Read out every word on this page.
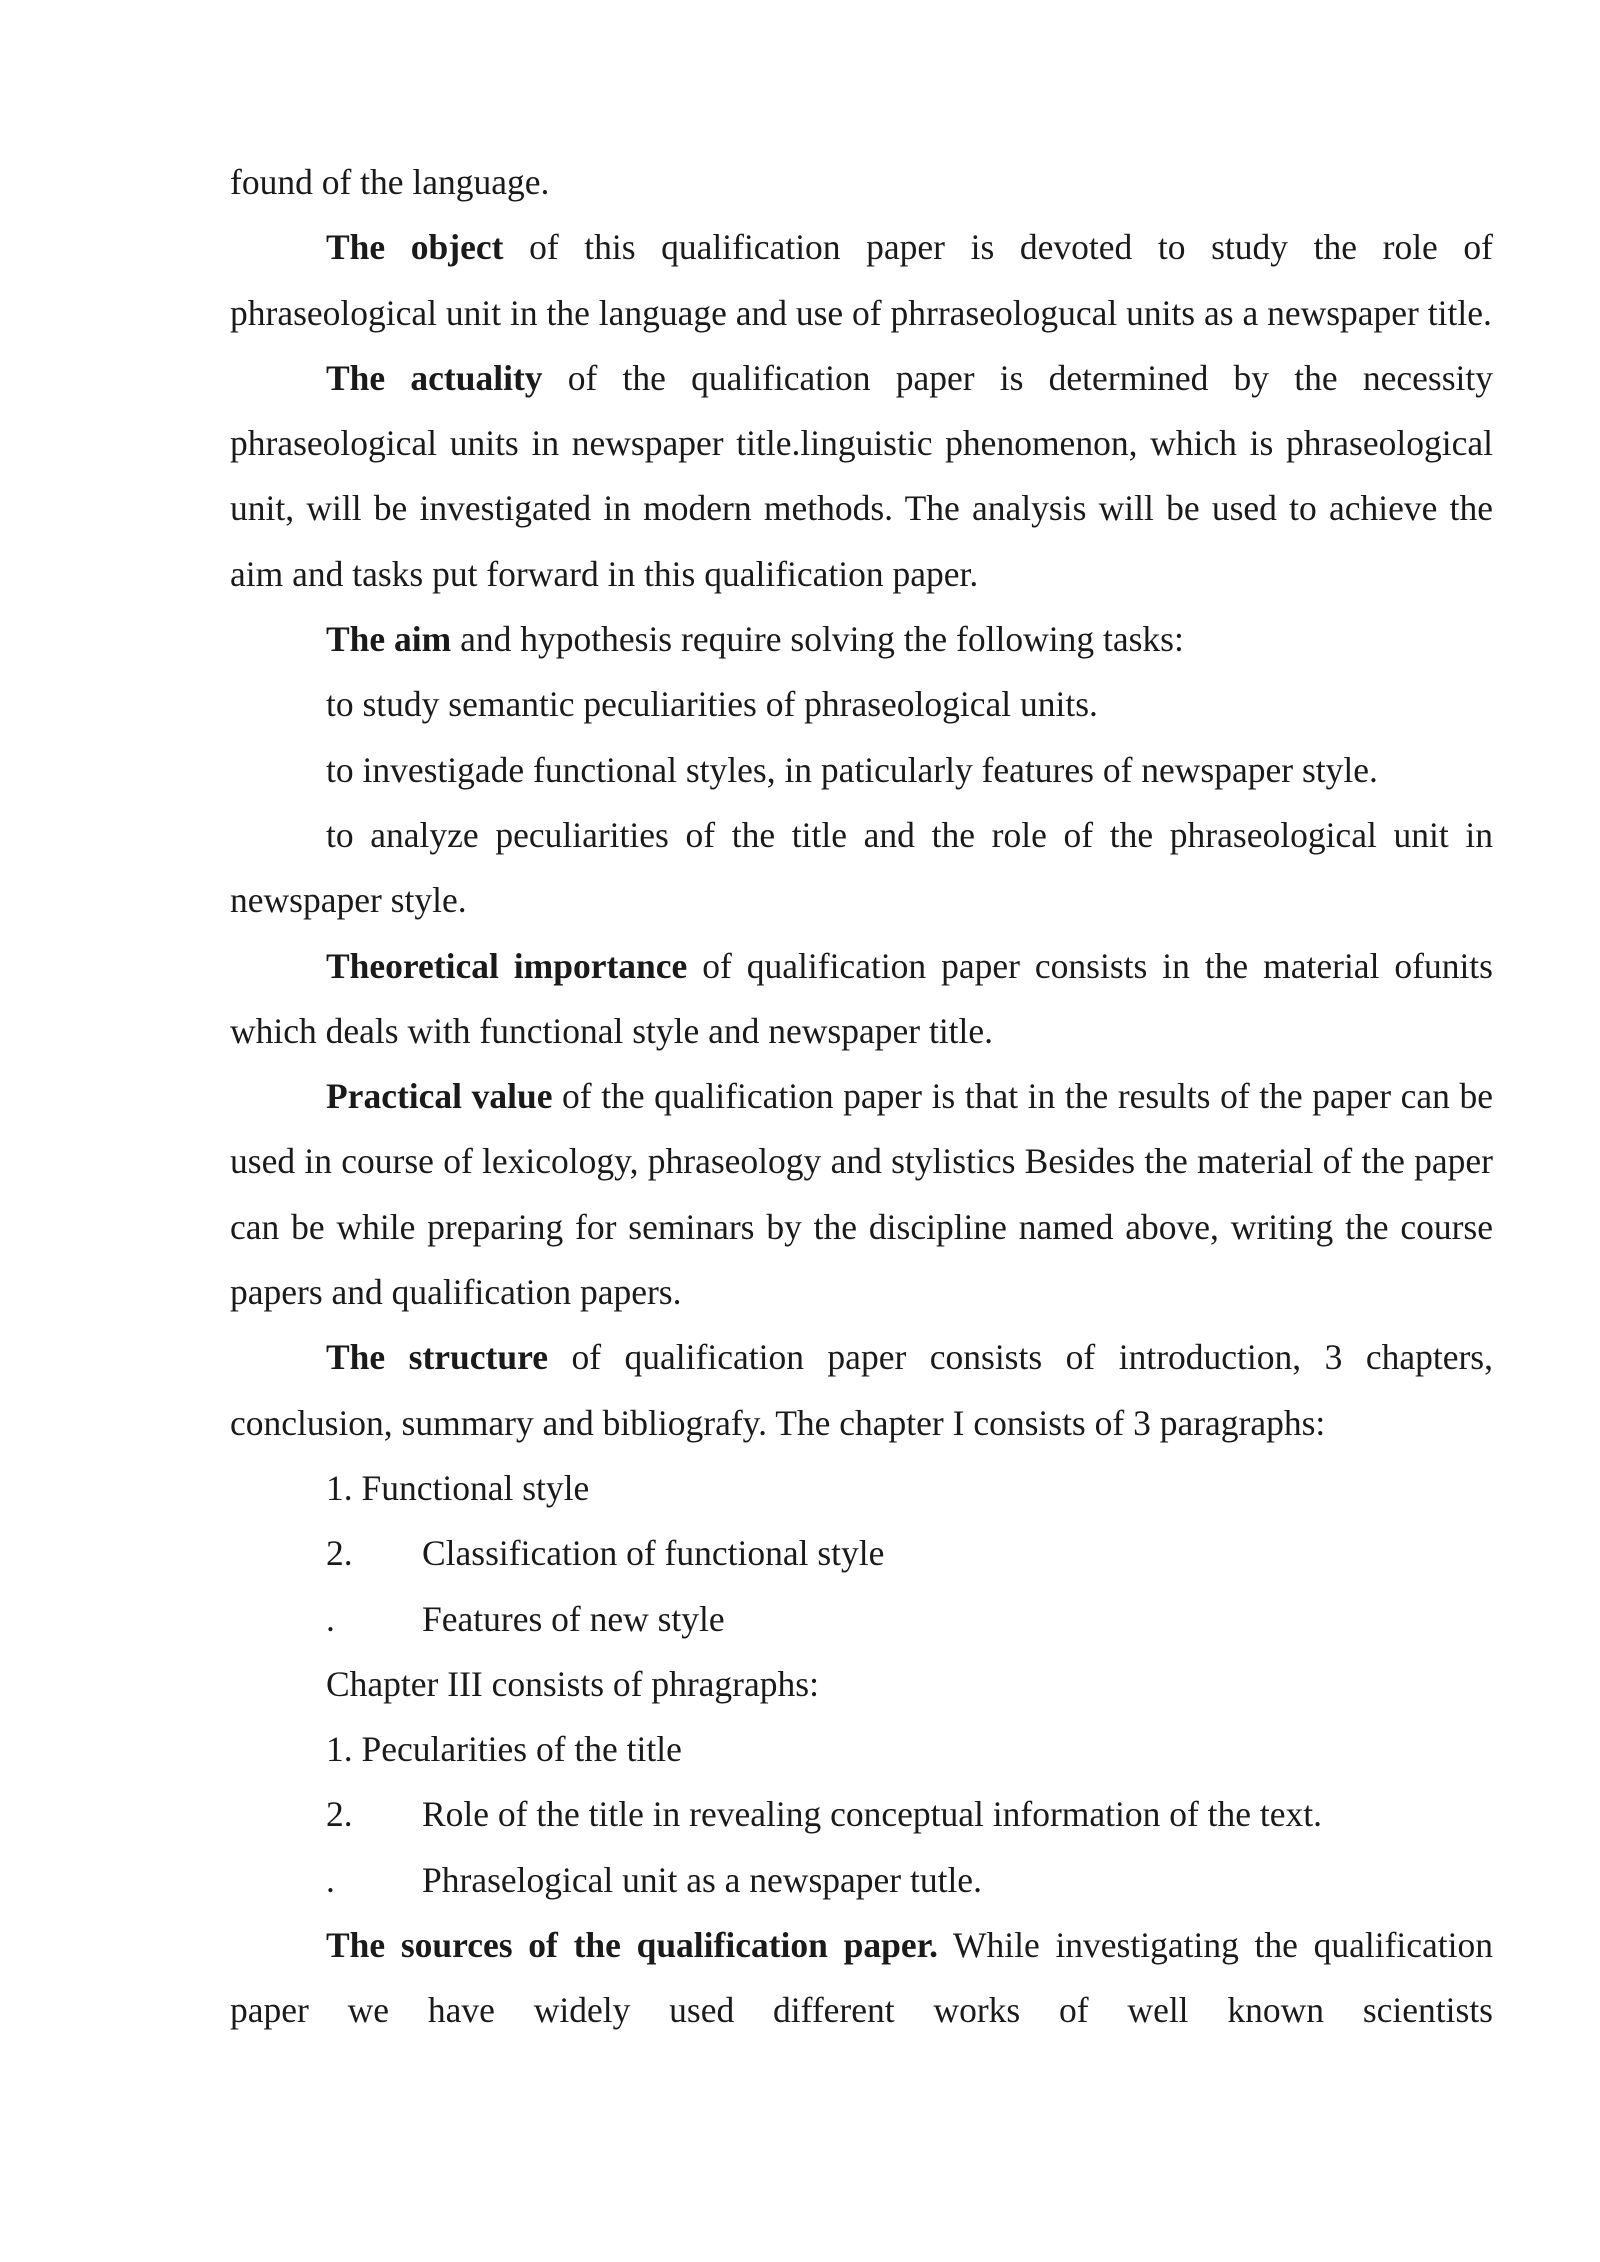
found of the language.

The object of this qualification paper is devoted to study the role of phraseological unit in the language and use of phrraseologucal units as a newspaper title.

The actuality of the qualification paper is determined by the necessity phraseological units in newspaper title.linguistic phenomenon, which is phraseological unit, will be investigated in modern methods. The analysis will be used to achieve the aim and tasks put forward in this qualification paper.

The aim and hypothesis require solving the following tasks:

to study semantic peculiarities of phraseological units.

to investigade functional styles, in paticularly features of newspaper style.

to analyze peculiarities of the title and the role of the phraseological unit in newspaper style.

Theoretical importance of qualification paper consists in the material ofunits which deals with functional style and newspaper title.

Practical value of the qualification paper is that in the results of the paper can be used in course of lexicology, phraseology and stylistics Besides the material of the paper can be while preparing for seminars by the discipline named above, writing the course papers and qualification papers.

The structure of qualification paper consists of introduction, 3 chapters, conclusion, summary and bibliografy. The chapter I consists of 3 paragraphs:

1. Functional style

2.	Classification of functional style

.	Features of new style

Chapter III consists of phragraphs:

1. Pecularities of the title

2.	Role of the title in revealing conceptual information of the text.

.	Phraselogical unit as a newspaper tutle.

The sources of the qualification paper. While investigating the qualification paper we have widely used different works of well known scientists
